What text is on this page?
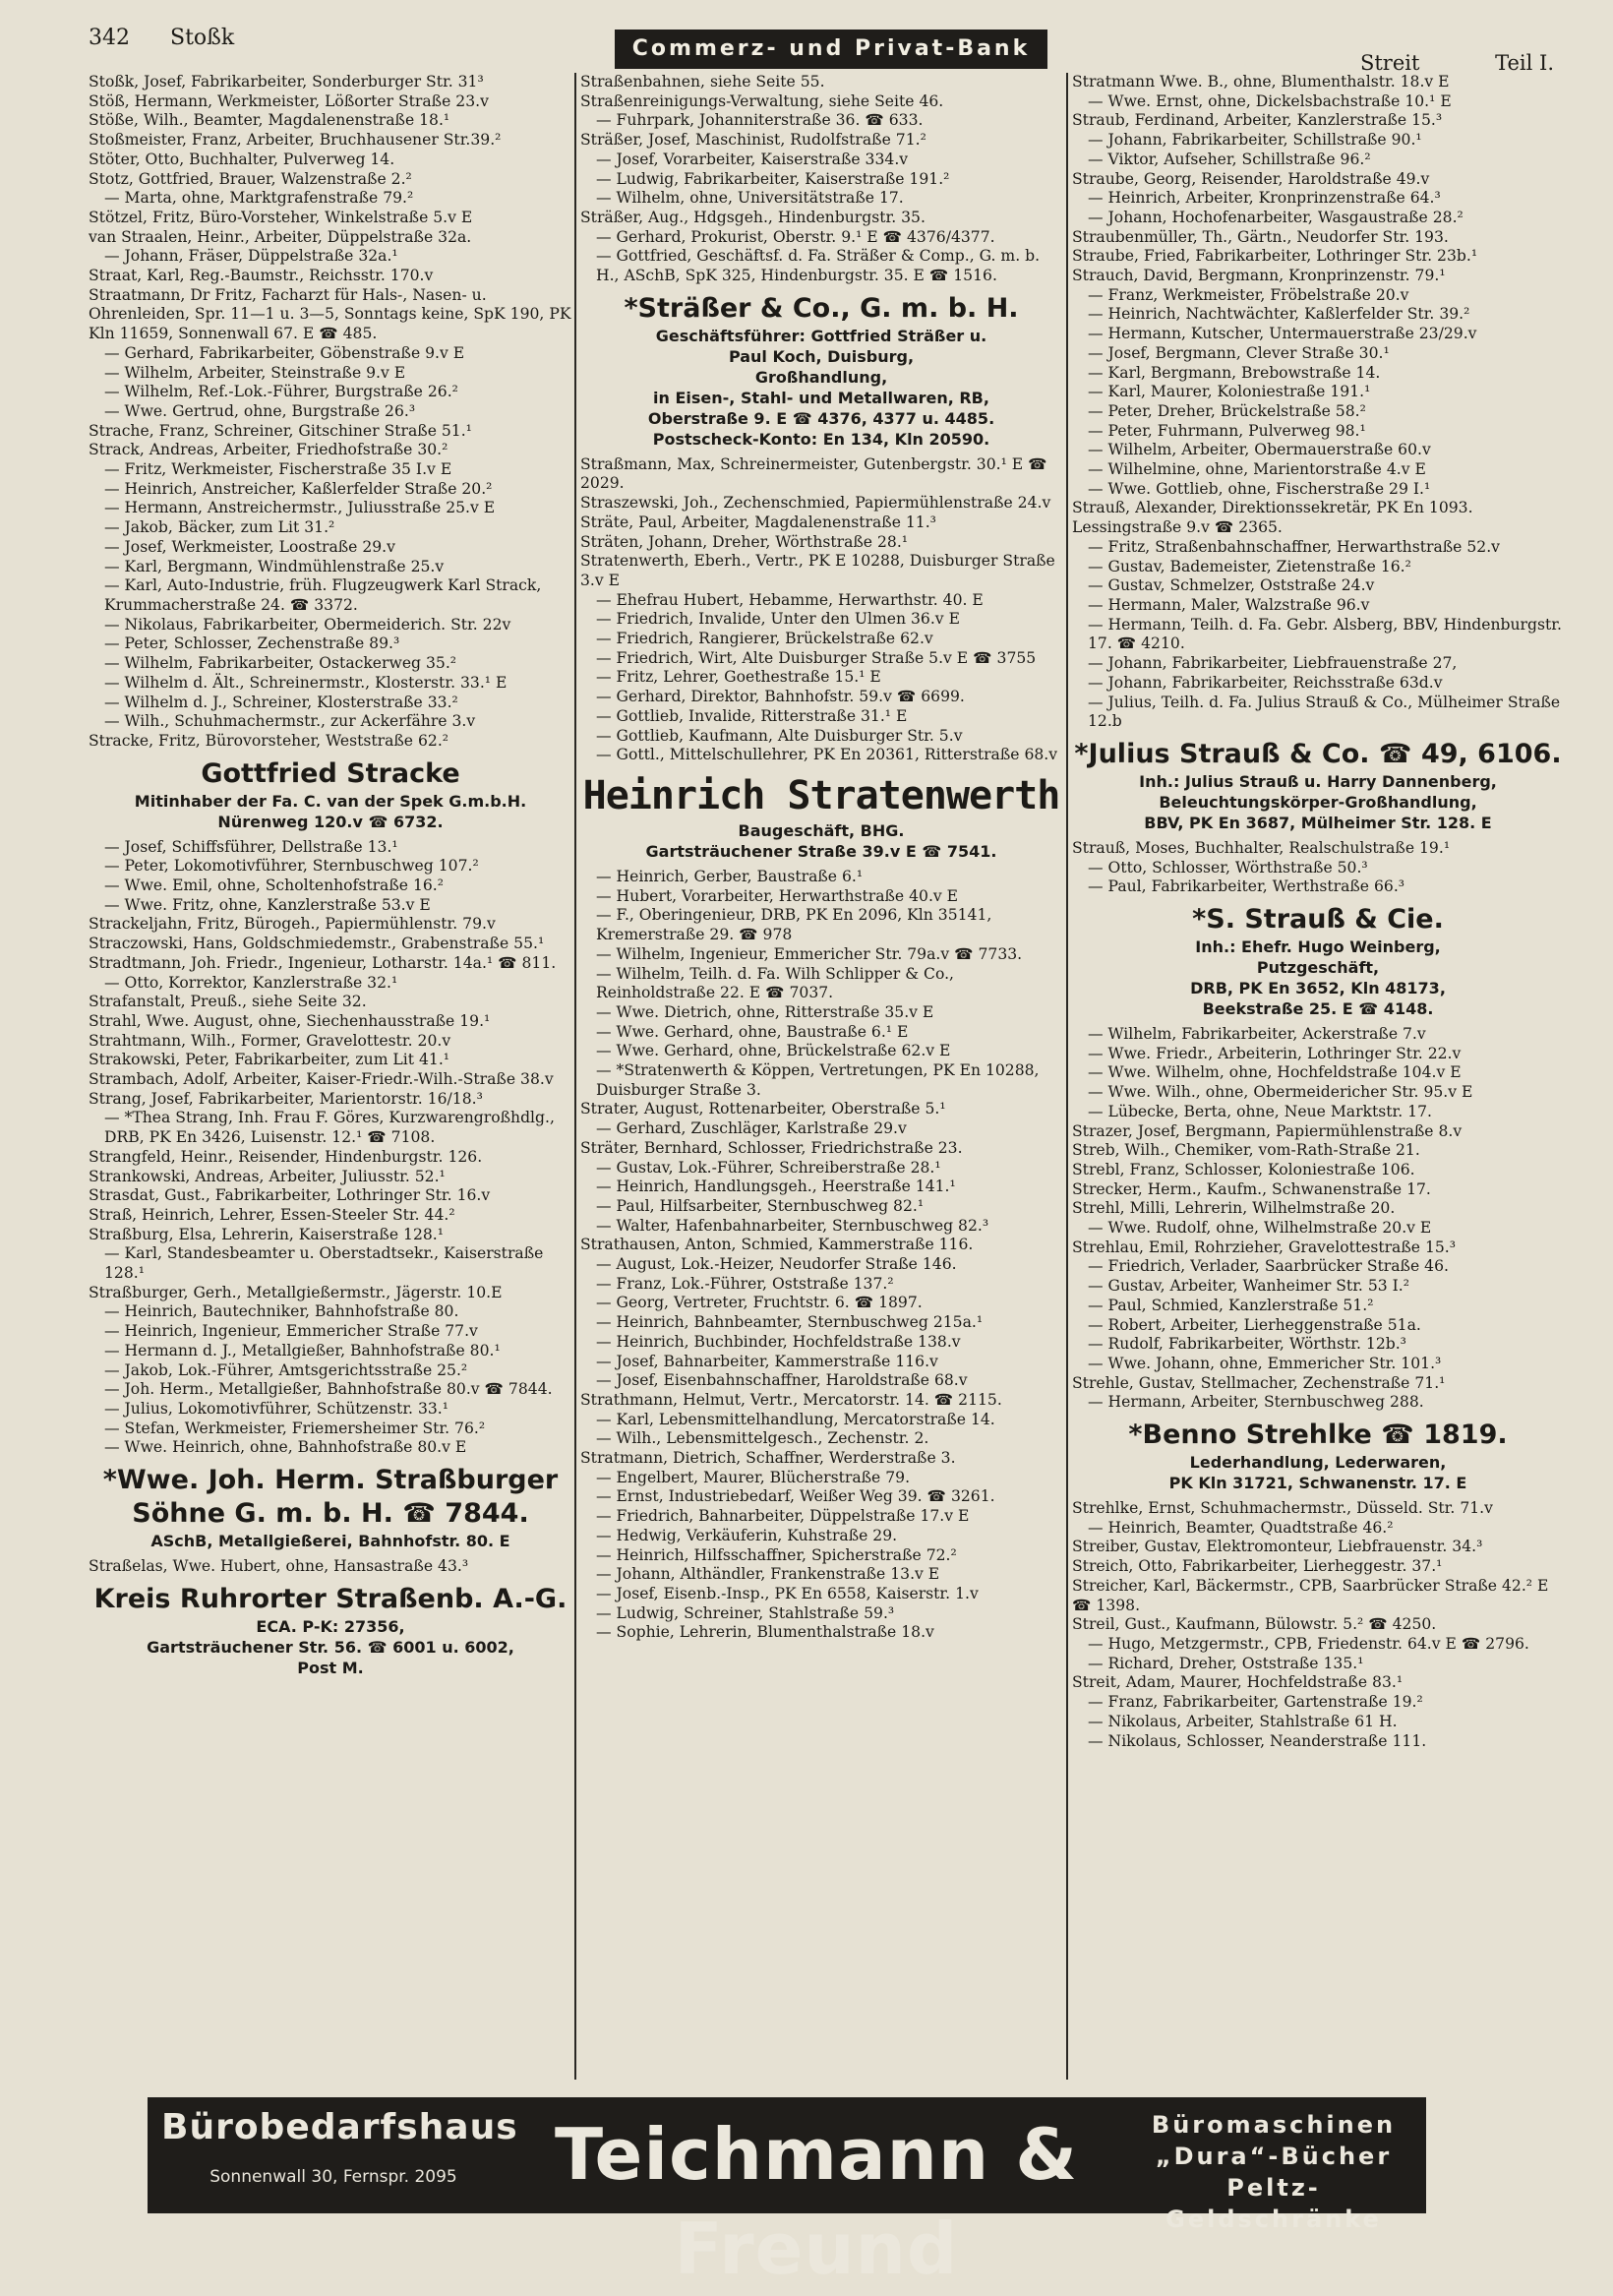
342 Stoßk	Commerz- und Privat-Bank
Streit	Teil I.
Stoßk, Josef, Fabrikarbeiter, Sonderburger Str. 31³
Stöß, Hermann, Werkmeister, Lößorter Straße 23.v
Stöße, Wilh., Beamter, Magdalenenstraße 18.¹
Stoßmeister, Franz, Arbeiter, Bruchhausener Str.39.²
Stöter, Otto, Buchhalter, Pulverweg 14.
Stotz, Gottfried, Brauer, Walzenstraße 2.²
— Marta, ohne, Marktgrafenstraße 79.²
Stötzel, Fritz, Büro-Vorsteher, Winkelstraße 5.v E
van Straalen, Heinr., Arbeiter, Düppelstraße 32a.
— Johann, Fräser, Düppelstraße 32a.¹
Straat, Karl, Reg.-Baumstr., Reichsstr. 170.v
Straatmann, Dr Fritz, Facharzt für Hals-, Nasen- u. Ohrenleiden, Spr. 11—1 u. 3—5, Sonntags keine, SpK 190, PK Kln 11659, Sonnenwall 67. E ☎ 485.
— Gerhard, Fabrikarbeiter, Göbenstraße 9.v E
— Wilhelm, Arbeiter, Steinstraße 9.v E
— Wilhelm, Ref.-Lok.-Führer, Burgstraße 26.²
— Wwe. Gertrud, ohne, Burgstraße 26.³
Strache, Franz, Schreiner, Gitschiner Straße 51.¹
Strack, Andreas, Arbeiter, Friedhofstraße 30.²
— Fritz, Werkmeister, Fischerstraße 35 I.v E
— Heinrich, Anstreicher, Kaßlerfelder Straße 20.²
— Hermann, Anstreichermstr., Juliusstraße 25.v E
— Jakob, Bäcker, zum Lit 31.²
— Josef, Werkmeister, Loostraße 29.v
— Karl, Bergmann, Windmühlenstraße 25.v
— Karl, Auto-Industrie, früh. Flugzeugwerk Karl Strack, Krummacherstraße 24. ☎ 3372.
— Nikolaus, Fabrikarbeiter, Obermeiderich. Str. 22v
— Peter, Schlosser, Zechenstraße 89.³
— Wilhelm, Fabrikarbeiter, Ostackerweg 35.²
— Wilhelm d. Ält., Schreinermstr., Klosterstr. 33.¹ E
— Wilhelm d. J., Schreiner, Klosterstraße 33.²
— Wilh., Schuhmachermstr., zur Ackerfähre 3.v
Stracke, Fritz, Bürovorsteher, Weststraße 62.²
Gottfried Stracke
Mitinhaber der Fa. C. van der Spek G.m.b.H.
Nürenweg 120.v ☎ 6732.
— Josef, Schiffsführer, Dellstraße 13.¹
— Peter, Lokomotivführer, Sternbuschweg 107.²
— Wwe. Emil, ohne, Scholtenhofstraße 16.²
— Wwe. Fritz, ohne, Kanzlerstraße 53.v E
Strackeljahn, Fritz, Bürogeh., Papiermühlenstr. 79.v
Straczowski, Hans, Goldschmiedemstr., Grabenstraße 55.¹
Stradtmann, Joh. Friedr., Ingenieur, Lotharstr. 14a.¹ ☎ 811.
— Otto, Korrektor, Kanzlerstraße 32.¹
Strafanstalt, Preuß., siehe Seite 32.
Strahl, Wwe. August, ohne, Siechenhausstraße 19.¹
Strahtmann, Wilh., Former, Gravelottestr. 20.v
Strakowski, Peter, Fabrikarbeiter, zum Lit 41.¹
Strambach, Adolf, Arbeiter, Kaiser-Friedr.-Wilh.-Straße 38.v
Strang, Josef, Fabrikarbeiter, Marientorstr. 16/18.³
— *Thea Strang, Inh. Frau F. Göres, Kurzwarengroßhdlg., DRB, PK En 3426, Luisenstr. 12.¹ ☎ 7108.
Strangfeld, Heinr., Reisender, Hindenburgstr. 126.
Strankowski, Andreas, Arbeiter, Juliusstr. 52.¹
Strasdat, Gust., Fabrikarbeiter, Lothringer Str. 16.v
Straß, Heinrich, Lehrer, Essen-Steeler Str. 44.²
Straßburg, Elsa, Lehrerin, Kaiserstraße 128.¹
— Karl, Standesbeamter u. Oberstadtsekr., Kaiserstraße 128.¹
Straßburger, Gerh., Metallgießermstr., Jägerstr. 10.E
— Heinrich, Bautechniker, Bahnhofstraße 80.
— Heinrich, Ingenieur, Emmericher Straße 77.v
— Hermann d. J., Metallgießer, Bahnhofstraße 80.¹
— Jakob, Lok.-Führer, Amtsgerichtsstraße 25.²
— Joh. Herm., Metallgießer, Bahnhofstraße 80.v ☎ 7844.
— Julius, Lokomotivführer, Schützenstr. 33.¹
— Stefan, Werkmeister, Friemersheimer Str. 76.²
— Wwe. Heinrich, ohne, Bahnhofstraße 80.v E
*Wwe. Joh. Herm. Straßburger
Söhne G. m. b. H. ☎ 7844.
ASchB, Metallgießerei, Bahnhofstr. 80. E
Straßelas, Wwe. Hubert, ohne, Hansastraße 43.³
Kreis Ruhrorter Straßenb. A.-G.
ECA. P-K: 27356,
Gartsträuchener Str. 56. ☎ 6001 u. 6002,
Post M.
Straßenbahnen, siehe Seite 55.
Straßenreinigungs-Verwaltung, siehe Seite 46.
— Fuhrpark, Johanniterstraße 36. ☎ 633.
Sträßer, Josef, Maschinist, Rudolfstraße 71.²
— Josef, Vorarbeiter, Kaiserstraße 334.v
— Ludwig, Fabrikarbeiter, Kaiserstraße 191.²
— Wilhelm, ohne, Universitätstraße 17.
Sträßer, Aug., Hdgsgeh., Hindenburgstr. 35.
— Gerhard, Prokurist, Oberstr. 9.¹ E ☎ 4376/4377.
— Gottfried, Geschäftsf. d. Fa. Sträßer & Comp., G. m. b. H., ASchB, SpK 325, Hindenburgstr. 35. E ☎ 1516.
*Sträßer & Co., G. m. b. H.
Geschäftsführer: Gottfried Sträßer u.
Paul Koch, Duisburg,
Großhandlung,
in Eisen-, Stahl- und Metallwaren, RB,
Oberstraße 9. E ☎ 4376, 4377 u. 4485.
Postscheck-Konto: En 134, Kln 20590.
Straßmann, Max, Schreinermeister, Gutenbergstr. 30.¹ E ☎ 2029.
Straszewski, Joh., Zechenschmied, Papiermühlenstraße 24.v
Sträte, Paul, Arbeiter, Magdalenenstraße 11.³
Sträten, Johann, Dreher, Wörthstraße 28.¹
Stratenwerth, Eberh., Vertr., PK E 10288, Duisburger Straße 3.v E
— Ehefrau Hubert, Hebamme, Herwarthstr. 40. E
— Friedrich, Invalide, Unter den Ulmen 36.v E
— Friedrich, Rangierer, Brückelstraße 62.v
— Friedrich, Wirt, Alte Duisburger Straße 5.v E ☎ 3755
— Fritz, Lehrer, Goethestraße 15.¹ E
— Gerhard, Direktor, Bahnhofstr. 59.v ☎ 6699.
— Gottlieb, Invalide, Ritterstraße 31.¹ E
— Gottlieb, Kaufmann, Alte Duisburger Str. 5.v
— Gottl., Mittelschullehrer, PK En 20361, Ritterstraße 68.v
Heinrich Stratenwerth
Baugeschäft, BHG.
Gartsträuchener Straße 39.v E ☎ 7541.
— Heinrich, Gerber, Baustraße 6.¹
— Hubert, Vorarbeiter, Herwarthstraße 40.v E
— F., Oberingenieur, DRB, PK En 2096, Kln 35141, Kremerstraße 29. ☎ 978
— Wilhelm, Ingenieur, Emmericher Str. 79a.v ☎ 7733.
— Wilhelm, Teilh. d. Fa. Wilh Schlipper & Co., Reinholdstraße 22. E ☎ 7037.
— Wwe. Dietrich, ohne, Ritterstraße 35.v E
— Wwe. Gerhard, ohne, Baustraße 6.¹ E
— Wwe. Gerhard, ohne, Brückelstraße 62.v E
— *Stratenwerth & Köppen, Vertretungen, PK En 10288, Duisburger Straße 3.
Strater, August, Rottenarbeiter, Oberstraße 5.¹
— Gerhard, Zuschläger, Karlstraße 29.v
Sträter, Bernhard, Schlosser, Friedrichstraße 23.
— Gustav, Lok.-Führer, Schreiberstraße 28.¹
— Heinrich, Handlungsgeh., Heerstraße 141.¹
— Paul, Hilfsarbeiter, Sternbuschweg 82.¹
— Walter, Hafenbahnarbeiter, Sternbuschweg 82.³
Strathausen, Anton, Schmied, Kammerstraße 116.
— August, Lok.-Heizer, Neudorfer Straße 146.
— Franz, Lok.-Führer, Oststraße 137.²
— Georg, Vertreter, Fruchtstr. 6. ☎ 1897.
— Heinrich, Bahnbeamter, Sternbuschweg 215a.¹
— Heinrich, Buchbinder, Hochfeldstraße 138.v
— Josef, Bahnarbeiter, Kammerstraße 116.v
— Josef, Eisenbahnschaffner, Haroldstraße 68.v
Strathmann, Helmut, Vertr., Mercatorstr. 14. ☎ 2115.
— Karl, Lebensmittelhandlung, Mercatorstraße 14.
— Wilh., Lebensmittelgesch., Zechenstr. 2.
Stratmann, Dietrich, Schaffner, Werderstraße 3.
— Engelbert, Maurer, Blücherstraße 79.
— Ernst, Industriebedarf, Weißer Weg 39. ☎ 3261.
— Friedrich, Bahnarbeiter, Düppelstraße 17.v E
— Hedwig, Verkäuferin, Kuhstraße 29.
— Heinrich, Hilfsschaffner, Spicherstraße 72.²
— Johann, Althändler, Frankenstraße 13.v E
— Josef, Eisenb.-Insp., PK En 6558, Kaiserstr. 1.v
— Ludwig, Schreiner, Stahlstraße 59.³
— Sophie, Lehrerin, Blumenthalstraße 18.v
Stratmann Wwe. B., ohne, Blumenthalstr. 18.v E
— Wwe. Ernst, ohne, Dickelsbachstraße 10.¹ E
Straub, Ferdinand, Arbeiter, Kanzlerstraße 15.³
— Johann, Fabrikarbeiter, Schillstraße 90.¹
— Viktor, Aufseher, Schillstraße 96.²
Straube, Georg, Reisender, Haroldstraße 49.v
— Heinrich, Arbeiter, Kronprinzenstraße 64.³
— Johann, Hochofenarbeiter, Wasgaustraße 28.²
Straubenmüller, Th., Gärtn., Neudorfer Str. 193.
Straube, Fried, Fabrikarbeiter, Lothringer Str. 23b.¹
Strauch, David, Bergmann, Kronprinzenstr. 79.¹
— Franz, Werkmeister, Fröbelstraße 20.v
— Heinrich, Nachtwächter, Kaßlerfelder Str. 39.²
— Hermann, Kutscher, Untermauerstraße 23/29.v
— Josef, Bergmann, Clever Straße 30.¹
— Karl, Bergmann, Brebowstraße 14.
— Karl, Maurer, Koloniestraße 191.¹
— Peter, Dreher, Brückelstraße 58.²
— Peter, Fuhrmann, Pulverweg 98.¹
— Wilhelm, Arbeiter, Obermauerstraße 60.v
— Wilhelmine, ohne, Marientorstraße 4.v E
— Wwe. Gottlieb, ohne, Fischerstraße 29 I.¹
Strauß, Alexander, Direktionssekretär, PK En 1093. Lessingstraße 9.v ☎ 2365.
— Fritz, Straßenbahnschaffner, Herwarthstraße 52.v
— Gustav, Bademeister, Zietenstraße 16.²
— Gustav, Schmelzer, Oststraße 24.v
— Hermann, Maler, Walzstraße 96.v
— Hermann, Teilh. d. Fa. Gebr. Alsberg, BBV, Hindenburgstr. 17. ☎ 4210.
— Johann, Fabrikarbeiter, Liebfrauenstraße 27,
— Johann, Fabrikarbeiter, Reichsstraße 63d.v
— Julius, Teilh. d. Fa. Julius Strauß & Co., Mülheimer Straße 12.b
*Julius Strauß & Co. ☎ 49, 6106.
Inh.: Julius Strauß u. Harry Dannenberg,
Beleuchtungskörper-Großhandlung,
BBV, PK En 3687, Mülheimer Str. 128. E
Strauß, Moses, Buchhalter, Realschulstraße 19.¹
— Otto, Schlosser, Wörthstraße 50.³
— Paul, Fabrikarbeiter, Werthstraße 66.³
*S. Strauß & Cie.
Inh.: Ehefr. Hugo Weinberg,
Putzgeschäft,
DRB, PK En 3652, Kln 48173,
Beekstraße 25. E ☎ 4148.
— Wilhelm, Fabrikarbeiter, Ackerstraße 7.v
— Wwe. Friedr., Arbeiterin, Lothringer Str. 22.v
— Wwe. Wilhelm, ohne, Hochfeldstraße 104.v E
— Wwe. Wilh., ohne, Obermeidericher Str. 95.v E
— Lübecke, Berta, ohne, Neue Marktstr. 17.
Strazer, Josef, Bergmann, Papiermühlenstraße 8.v
Streb, Wilh., Chemiker, vom-Rath-Straße 21.
Strebl, Franz, Schlosser, Koloniestraße 106.
Strecker, Herm., Kaufm., Schwanenstraße 17.
Strehl, Milli, Lehrerin, Wilhelmstraße 20.
— Wwe. Rudolf, ohne, Wilhelmstraße 20.v E
Strehlau, Emil, Rohrzieher, Gravelottestraße 15.³
— Friedrich, Verlader, Saarbrücker Straße 46.
— Gustav, Arbeiter, Wanheimer Str. 53 I.²
— Paul, Schmied, Kanzlerstraße 51.²
— Robert, Arbeiter, Lierheggenstraße 51a.
— Rudolf, Fabrikarbeiter, Wörthstr. 12b.³
— Wwe. Johann, ohne, Emmericher Str. 101.³
Strehle, Gustav, Stellmacher, Zechenstraße 71.¹
— Hermann, Arbeiter, Sternbuschweg 288.
*Benno Strehlke ☎ 1819.
Lederhandlung, Lederwaren,
PK Kln 31721, Schwanenstr. 17. E
Strehlke, Ernst, Schuhmachermstr., Düsseld. Str. 71.v
— Heinrich, Beamter, Quadtstraße 46.²
Streiber, Gustav, Elektromonteur, Liebfrauenstr. 34.³
Streich, Otto, Fabrikarbeiter, Lierheggestr. 37.¹
Streicher, Karl, Bäckermstr., CPB, Saarbrücker Straße 42.² E ☎ 1398.
Streil, Gust., Kaufmann, Bülowstr. 5.² ☎ 4250.
— Hugo, Metzgermstr., CPB, Friedenstr. 64.v E ☎ 2796.
— Richard, Dreher, Oststraße 135.¹
Streit, Adam, Maurer, Hochfeldstraße 83.¹
— Franz, Fabrikarbeiter, Gartenstraße 19.²
— Nikolaus, Arbeiter, Stahlstraße 61 H.
— Nikolaus, Schlosser, Neanderstraße 111.
Bürobedarfshaus
Sonnenwall 30, Fernspr. 2095	Teichmann & Freund
Büromaschinen
„Dura“-Bücher
Peltz-Geldschränke
